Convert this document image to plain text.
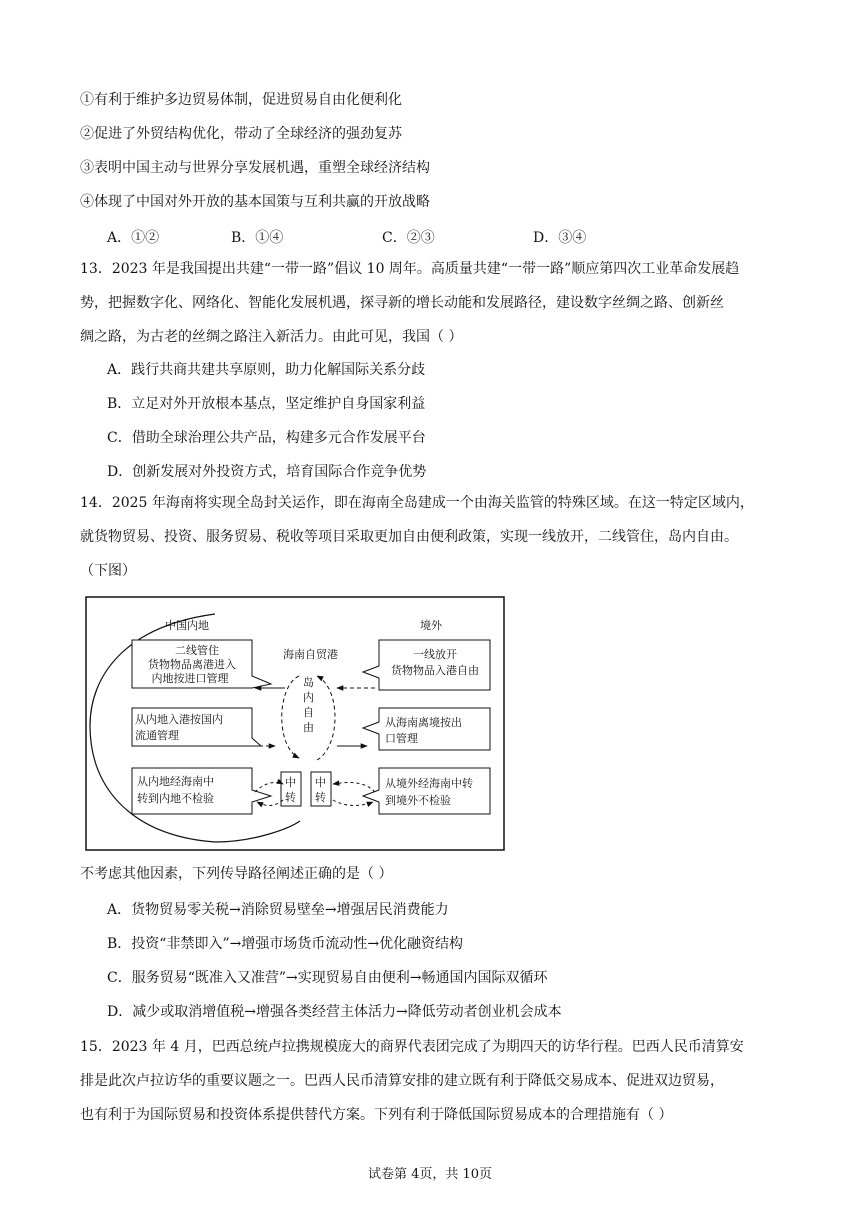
①有利于维护多边贸易体制，促进贸易自由化便利化
②促进了外贸结构优化，带动了全球经济的强劲复苏
③表明中国主动与世界分享发展机遇，重塑全球经济结构
④体现了中国对外开放的基本国策与互利共赢的开放战略
A．①②	B．①④	C．②③	D．③④
13．2023 年是我国提出共建“一带一路”倡议 10 周年。高质量共建“一带一路”顺应第四次工业革命发展趋
势，把握数字化、网络化、智能化发展机遇，探寻新的增长动能和发展路径，建设数字丝绸之路、创新丝
绸之路，为古老的丝绸之路注入新活力。由此可见，我国（ ）
A．践行共商共建共享原则，助力化解国际关系分歧
B．立足对外开放根本基点，坚定维护自身国家利益
C．借助全球治理公共产品，构建多元合作发展平台
D．创新发展对外投资方式，培育国际合作竞争优势
14．2025 年海南将实现全岛封关运作，即在海南全岛建成一个由海关监管的特殊区域。在这一特定区域内，
就货物贸易、投资、服务贸易、税收等项目采取更加自由便利政策，实现一线放开，二线管住，岛内自由。
（下图）
中国内地	境外
海南自贸港
岛
内
自
由
二线管住
货物物品离港进入
内地按进口管理
一线放开
货物物品入港自由
从内地入港按国内
流通管理
从海南离境按出
口管理
从内地经海南中
转到内地不检验
从境外经海南中转
到境外不检验
中
转
中
转
不考虑其他因素，下列传导路径阐述正确的是（ ）
A．货物贸易零关税→消除贸易壁垒→增强居民消费能力
B．投资“非禁即入”→增强市场货币流动性→优化融资结构
C．服务贸易“既准入又准营”→实现贸易自由便利→畅通国内国际双循环
D．减少或取消增值税→增强各类经营主体活力→降低劳动者创业机会成本
15．2023 年 4 月，巴西总统卢拉携规模庞大的商界代表团完成了为期四天的访华行程。巴西人民币清算安
排是此次卢拉访华的重要议题之一。巴西人民币清算安排的建立既有利于降低交易成本、促进双边贸易，
也有利于为国际贸易和投资体系提供替代方案。下列有利于降低国际贸易成本的合理措施有（ ）
试卷第 4页，共 10页
